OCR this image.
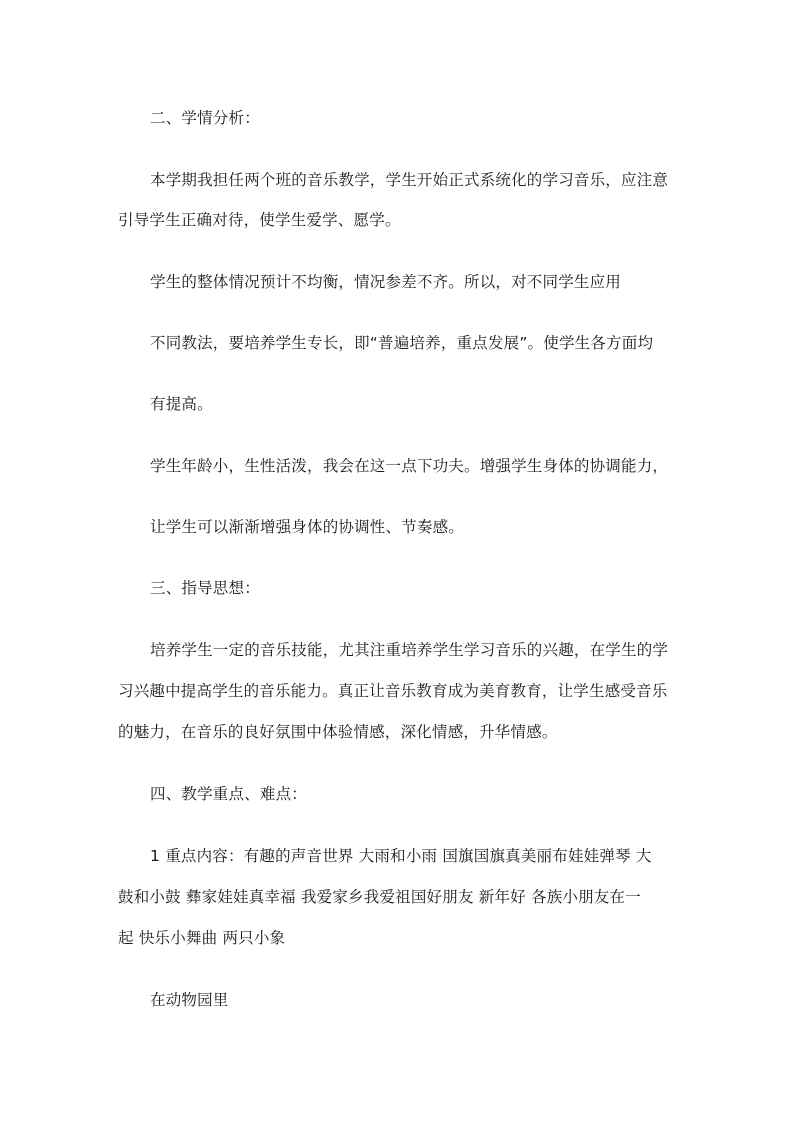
二、学情分析：
本学期我担任两个班的音乐教学，学生开始正式系统化的学习音乐，应注意
引导学生正确对待，使学生爱学、愿学。
学生的整体情况预计不均衡，情况参差不齐。所以，对不同学生应用
不同教法，要培养学生专长，即“普遍培养，重点发展”。使学生各方面均
有提高。
学生年龄小，生性活泼，我会在这一点下功夫。增强学生身体的协调能力，
让学生可以渐渐增强身体的协调性、节奏感。
三、指导思想：
培养学生一定的音乐技能，尤其注重培养学生学习音乐的兴趣，在学生的学
习兴趣中提高学生的音乐能力。真正让音乐教育成为美育教育，让学生感受音乐
的魅力，在音乐的良好氛围中体验情感，深化情感，升华情感。
四、教学重点、难点：
1 重点内容：有趣的声音世界 大雨和小雨 国旗国旗真美丽布娃娃弹琴 大
鼓和小鼓 彝家娃娃真幸福 我爱家乡我爱祖国好朋友 新年好 各族小朋友在一
起 快乐小舞曲 两只小象
在动物园里
